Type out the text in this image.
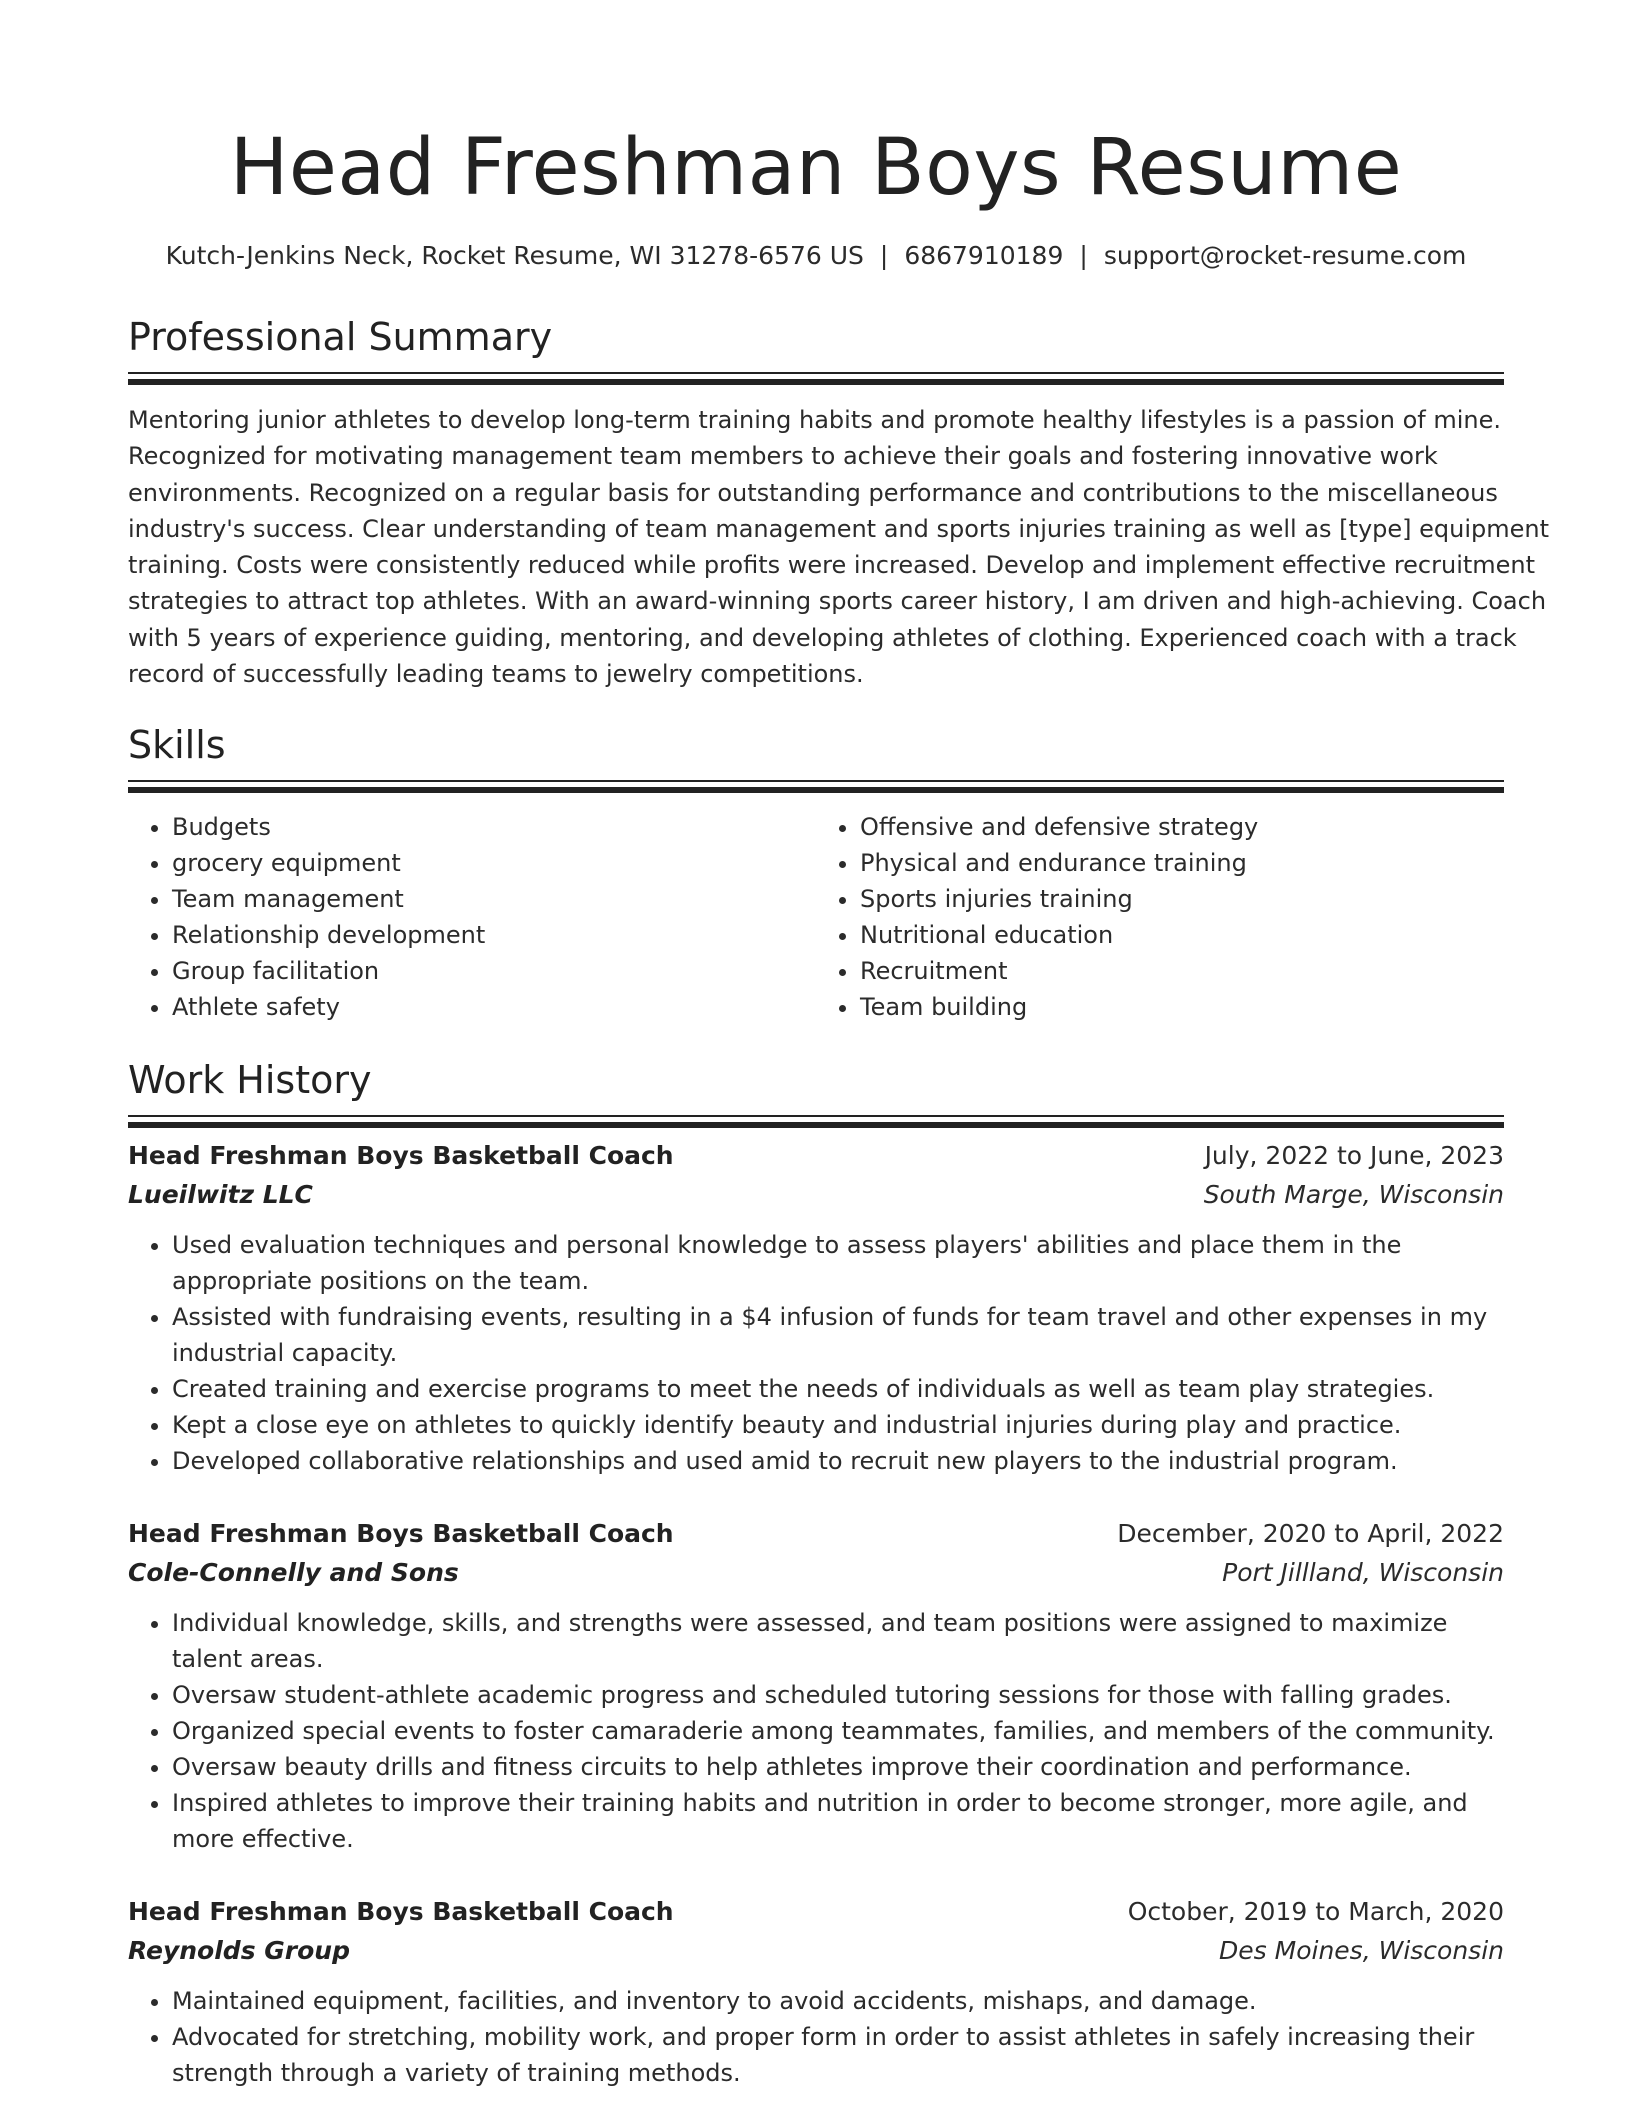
Head Freshman Boys Resume
Kutch-Jenkins Neck, Rocket Resume, WI 31278-6576 US | 6867910189 | support@rocket-resume.com
Professional Summary
Mentoring junior athletes to develop long-term training habits and promote healthy lifestyles is a passion of mine.
Recognized for motivating management team members to achieve their goals and fostering innovative work
environments. Recognized on a regular basis for outstanding performance and contributions to the miscellaneous
industry's success. Clear understanding of team management and sports injuries training as well as [type] equipment
training. Costs were consistently reduced while profits were increased. Develop and implement effective recruitment
strategies to attract top athletes. With an award-winning sports career history, I am driven and high-achieving. Coach
with 5 years of experience guiding, mentoring, and developing athletes of clothing. Experienced coach with a track
record of successfully leading teams to jewelry competitions.
Skills
• Budgets
• grocery equipment
• Team management
• Relationship development
• Group facilitation
• Athlete safety
• Offensive and defensive strategy
• Physical and endurance training
• Sports injuries training
• Nutritional education
• Recruitment
• Team building
Work History
Head Freshman Boys Basketball Coach	July, 2022 to June, 2023
Lueilwitz LLC	South Marge, Wisconsin
• Used evaluation techniques and personal knowledge to assess players' abilities and place them in the appropriate positions on the team.
• Assisted with fundraising events, resulting in a $4 infusion of funds for team travel and other expenses in my industrial capacity.
• Created training and exercise programs to meet the needs of individuals as well as team play strategies.
• Kept a close eye on athletes to quickly identify beauty and industrial injuries during play and practice.
• Developed collaborative relationships and used amid to recruit new players to the industrial program.
Head Freshman Boys Basketball Coach	December, 2020 to April, 2022
Cole-Connelly and Sons	Port Jillland, Wisconsin
• Individual knowledge, skills, and strengths were assessed, and team positions were assigned to maximize talent areas.
• Oversaw student-athlete academic progress and scheduled tutoring sessions for those with falling grades.
• Organized special events to foster camaraderie among teammates, families, and members of the community.
• Oversaw beauty drills and fitness circuits to help athletes improve their coordination and performance.
• Inspired athletes to improve their training habits and nutrition in order to become stronger, more agile, and more effective.
Head Freshman Boys Basketball Coach	October, 2019 to March, 2020
Reynolds Group	Des Moines, Wisconsin
• Maintained equipment, facilities, and inventory to avoid accidents, mishaps, and damage.
• Advocated for stretching, mobility work, and proper form in order to assist athletes in safely increasing their strength through a variety of training methods.
